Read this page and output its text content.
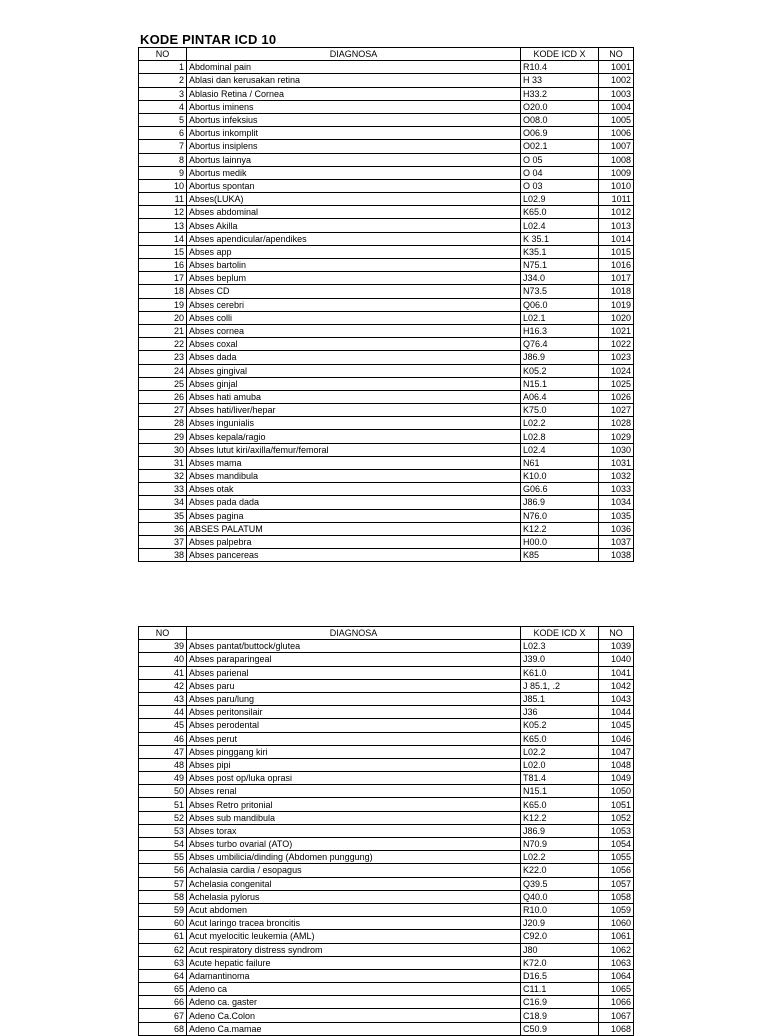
KODE PINTAR ICD 10
NO	DIAGNOSA	KODE ICD X	NO
1	Abdominal pain	R10.4	1001
2	Ablasi dan kerusakan retina	H 33	1002
3	Ablasio Retina / Cornea	H33.2	1003
4	Abortus iminens	O20.0	1004
5	Abortus infeksius	O08.0	1005
6	Abortus inkomplit	O06.9	1006
7	Abortus insiplens	O02.1	1007
8	Abortus lainnya	O 05	1008
9	Abortus medik	O 04	1009
10	Abortus spontan	O 03	1010
11	Abses(LUKA)	L02.9	1011
12	Abses abdominal	K65.0	1012
13	Abses Akilla	L02.4	1013
14	Abses apendicular/apendikes	K 35.1	1014
15	Abses app	K35.1	1015
16	Abses bartolin	N75.1	1016
17	Abses beplum	J34.0	1017
18	Abses CD	N73.5	1018
19	Abses cerebri	Q06.0	1019
20	Abses colli	L02.1	1020
21	Abses cornea	H16.3	1021
22	Abses coxal	Q76.4	1022
23	Abses dada	J86.9	1023
24	Abses gingival	K05.2	1024
25	Abses ginjal	N15.1	1025
26	Abses hati amuba	A06.4	1026
27	Abses hati/liver/hepar	K75.0	1027
28	Abses ingunialis	L02.2	1028
29	Abses kepala/ragio	L02.8	1029
30	Abses lutut kiri/axilla/femur/femoral	L02.4	1030
31	Abses mama	N61	1031
32	Abses mandibula	K10.0	1032
33	Abses otak	G06.6	1033
34	Abses pada dada	J86.9	1034
35	Abses pagina	N76.0	1035
36	ABSES PALATUM	K12.2	1036
37	Abses palpebra	H00.0	1037
38	Abses pancereas	K85	1038
NO	DIAGNOSA	KODE ICD X	NO
39	Abses pantat/buttock/glutea	L02.3	1039
40	Abses paraparingeal	J39.0	1040
41	Abses parienal	K61.0	1041
42	Abses paru	J 85.1, .2	1042
43	Abses paru/lung	J85.1	1043
44	Abses peritonsilair	J36	1044
45	Abses perodental	K05.2	1045
46	Abses perut	K65.0	1046
47	Abses pinggang kiri	L02.2	1047
48	Abses pipi	L02.0	1048
49	Abses post op/luka oprasi	T81.4	1049
50	Abses renal	N15.1	1050
51	Abses Retro pritonial	K65.0	1051
52	Abses sub mandibula	K12.2	1052
53	Abses torax	J86.9	1053
54	Abses turbo ovarial (ATO)	N70.9	1054
55	Abses umbilicia/dinding (Abdomen punggung)	L02.2	1055
56	Achalasia cardia / esopagus	K22.0	1056
57	Achelasia congenital	Q39.5	1057
58	Achelasia pylorus	Q40.0	1058
59	Acut abdomen	R10.0	1059
60	Acut laringo tracea broncitis	J20.9	1060
61	Acut myelocitic leukemia (AML)	C92.0	1061
62	Acut respiratory distress syndrom	J80	1062
63	Acute hepatic failure	K72.0	1063
64	Adamantinoma	D16.5	1064
65	Adeno ca	C11.1	1065
66	Adeno ca. gaster	C16.9	1066
67	Adeno Ca.Colon	C18.9	1067
68	Adeno Ca.mamae	C50.9	1068
